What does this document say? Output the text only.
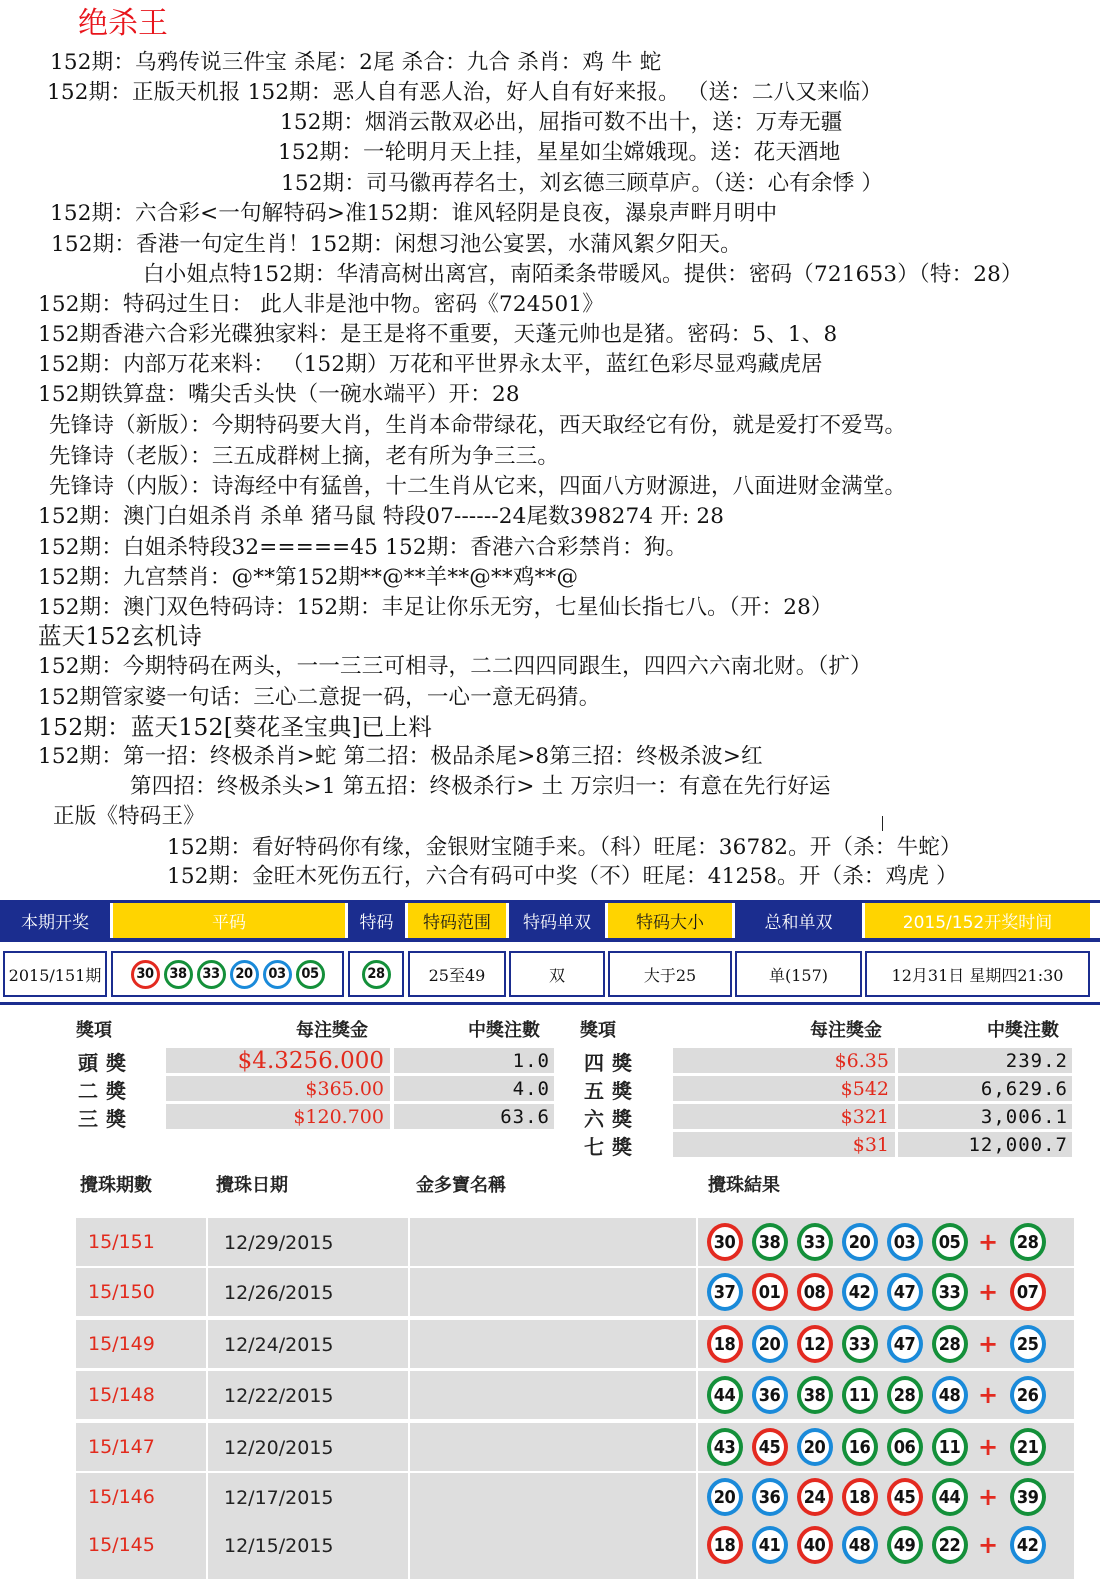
绝杀王
152期：乌鸦传说三件宝 杀尾：2尾 杀合：九合 杀肖：鸡 牛 蛇
152期：正版天机报 152期：恶人自有恶人治，好人自有好来报。 （送：二八又来临）
152期：烟消云散双必出，屈指可数不出十，送：万寿无疆
152期：一轮明月天上挂，星星如尘嫦娥现。送：花天酒地
152期：司马徽再荐名士，刘玄德三顾草庐。（送：心有余悸 ）
152期：六合彩<一句解特码>准152期：谁风轻阴是良夜，瀑泉声畔月明中
152期：香港一句定生肖！152期：闲想习池公宴罢，水蒲风絮夕阳天。
白小姐点特152期：华清高树出离宫，南陌柔条带暖风。提供：密码（721653）（特：28）
152期：特码过生日： 此人非是池中物。密码《724501》
152期香港六合彩光碟独家料：是王是将不重要，天蓬元帅也是猪。密码：5、1、8
152期：内部万花来料： （152期）万花和平世界永太平，蓝红色彩尽显鸡藏虎居
152期铁算盘：嘴尖舌头快（一碗水端平）开：28
先锋诗（新版）：今期特码要大肖，生肖本命带绿花，西天取经它有份，就是爱打不爱骂。
先锋诗（老版）：三五成群树上摘，老有所为争三三。
先锋诗（内版）：诗海经中有猛兽，十二生肖从它来，四面八方财源进，八面进财金满堂。
152期：澳门白姐杀肖 杀单 猪马鼠 特段07------24尾数398274 开: 28
152期：白姐杀特段32=====45 152期：香港六合彩禁肖：狗。
152期：九宫禁肖：@**第152期**@**羊**@**鸡**@
152期：澳门双色特码诗：152期：丰足让你乐无穷，七星仙长指七八。（开：28）
蓝天152玄机诗
152期：今期特码在两头，一一三三可相寻，二二四四同跟生，四四六六南北财。（扩）
152期管家婆一句话：三心二意捉一码，一心一意无码猜。
152期：蓝天152[葵花圣宝典]已上料
152期：第一招：终极杀肖>蛇 第二招：极品杀尾>8第三招：终极杀波>红
第四招：终极杀头>1 第五招：终极杀行> 土 万宗归一：有意在先行好运
正版《特码王》
152期：看好特码你有缘，金银财宝随手来。（科）旺尾：36782。开（杀：牛蛇）
152期：金旺木死伤五行，六合有码可中奖（不）旺尾：41258。开（杀：鸡虎 ）
本期开奖	平码	特码	特码范围	特码单双	特码大小	总和单双	2015/152开奖时间
2015/151期	30	38	33	20	03	05	28	25至49	双	大于25	单(157)	12月31日 星期四21:30
獎項	每注獎金	中獎注數 獎項	每注獎金	中獎注數
頭獎	$4.3256.000	1.0
二獎	$365.00	4.0
三獎	$120.700	63.6
四獎	$6.35	239.2
五獎	$542	6,629.6
六獎	$321	3,006.1
七獎	$31	12,000.7
攪珠期數	攪珠日期	金多寶名稱	攪珠結果
15/151	12/29/2015	30	38	33	20	03	05 +	28
15/150	12/26/2015	37	01	08	42	47	33 +	07
15/149	12/24/2015	18	20	12	33	47	28 +	25
15/148	12/22/2015	44	36	38	11	28	48 +	26
15/147	12/20/2015	43	45	20	16	06	11 +	21
15/146	12/17/2015	20	36	24	18	45	44 +	39
15/145	12/15/2015	18	41	40	48	49	22 +	42
